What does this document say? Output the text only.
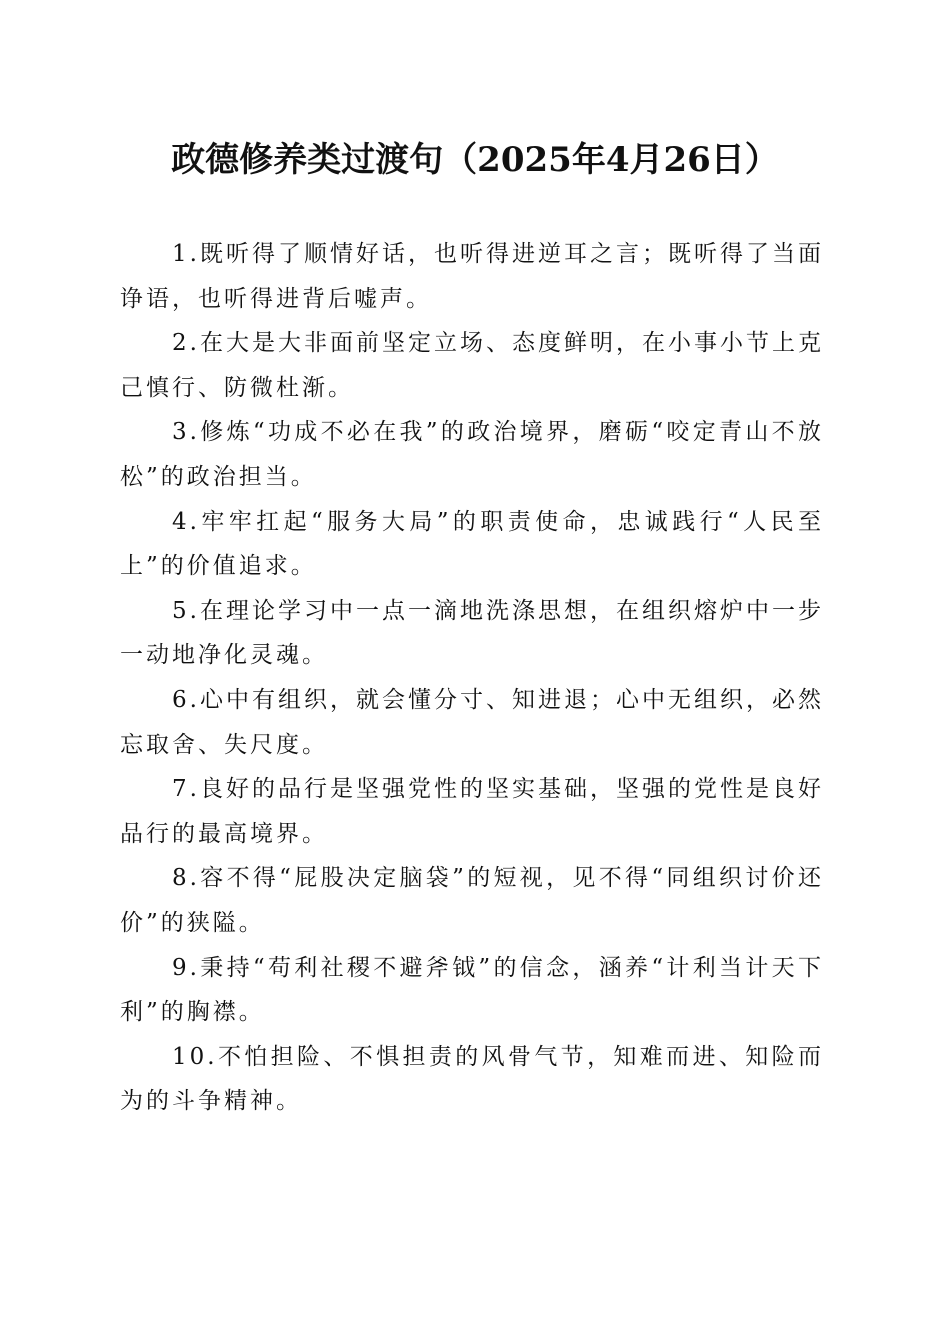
政德修养类过渡句（2025年4月26日）

1.既听得了顺情好话，也听得进逆耳之言；既听得了当面诤语，也听得进背后嘘声。

2.在大是大非面前坚定立场、态度鲜明，在小事小节上克己慎行、防微杜渐。

3.修炼“功成不必在我”的政治境界，磨砺“咬定青山不放松”的政治担当。

4.牢牢扛起“服务大局”的职责使命，忠诚践行“人民至上”的价值追求。

5.在理论学习中一点一滴地洗涤思想，在组织熔炉中一步一动地净化灵魂。

6.心中有组织，就会懂分寸、知进退；心中无组织，必然忘取舍、失尺度。

7.良好的品行是坚强党性的坚实基础，坚强的党性是良好品行的最高境界。

8.容不得“屁股决定脑袋”的短视，见不得“同组织讨价还价”的狭隘。

9.秉持“苟利社稷不避斧钺”的信念，涵养“计利当计天下利”的胸襟。

10.不怕担险、不惧担责的风骨气节，知难而进、知险而为的斗争精神。
